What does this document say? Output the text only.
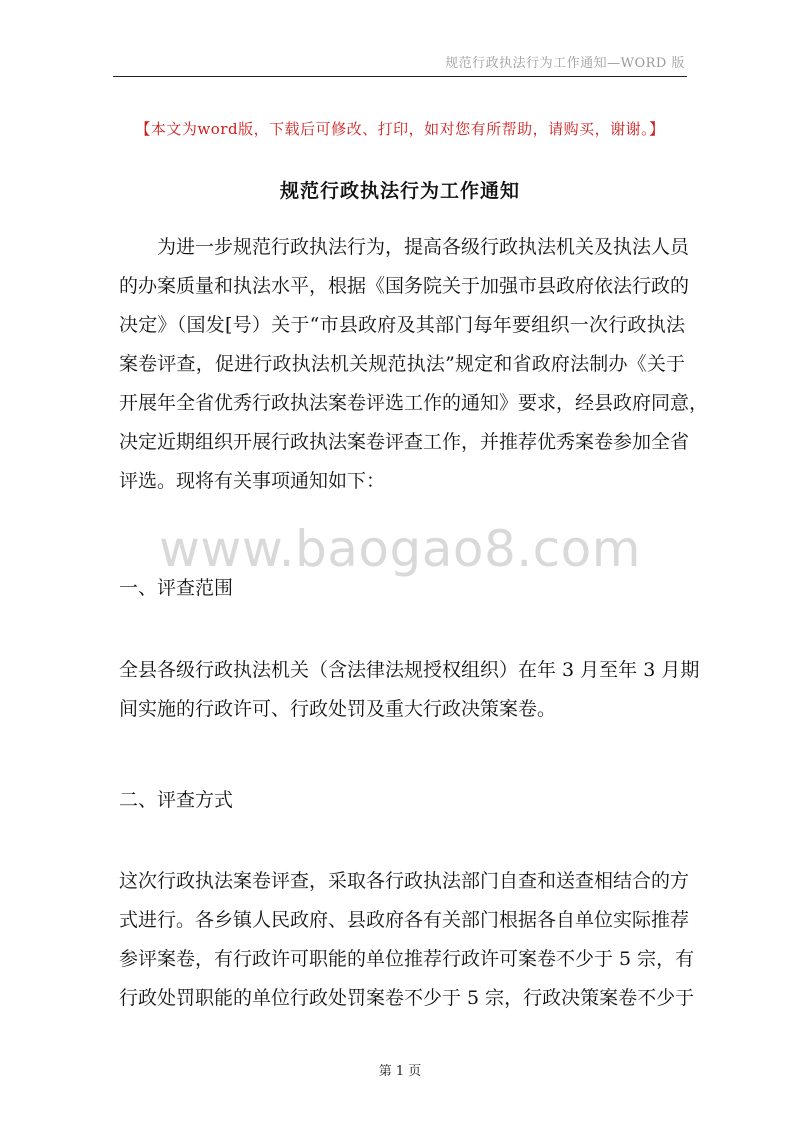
规范行政执法行为工作通知—WORD 版
【本文为word版，下载后可修改、打印，如对您有所帮助，请购买，谢谢。】
规范行政执法行为工作通知

为进一步规范行政执法行为，提高各级行政执法机关及执法人员
的办案质量和执法水平，根据《国务院关于加强市县政府依法行政的
决定》（国发[号）关于“市县政府及其部门每年要组织一次行政执法
案卷评查，促进行政执法机关规范执法”规定和省政府法制办《关于
开展年全省优秀行政执法案卷评选工作的通知》要求，经县政府同意，
决定近期组织开展行政执法案卷评查工作，并推荐优秀案卷参加全省
评选。现将有关事项通知如下：

www.baogao8.com
一、评查范围

全县各级行政执法机关（含法律法规授权组织）在年 3 月至年 3 月期
间实施的行政许可、行政处罚及重大行政决策案卷。

二、评查方式

这次行政执法案卷评查，采取各行政执法部门自查和送查相结合的方
式进行。各乡镇人民政府、县政府各有关部门根据各自单位实际推荐
参评案卷，有行政许可职能的单位推荐行政许可案卷不少于 5 宗，有
行政处罚职能的单位行政处罚案卷不少于 5 宗，行政决策案卷不少于

第 1 页
